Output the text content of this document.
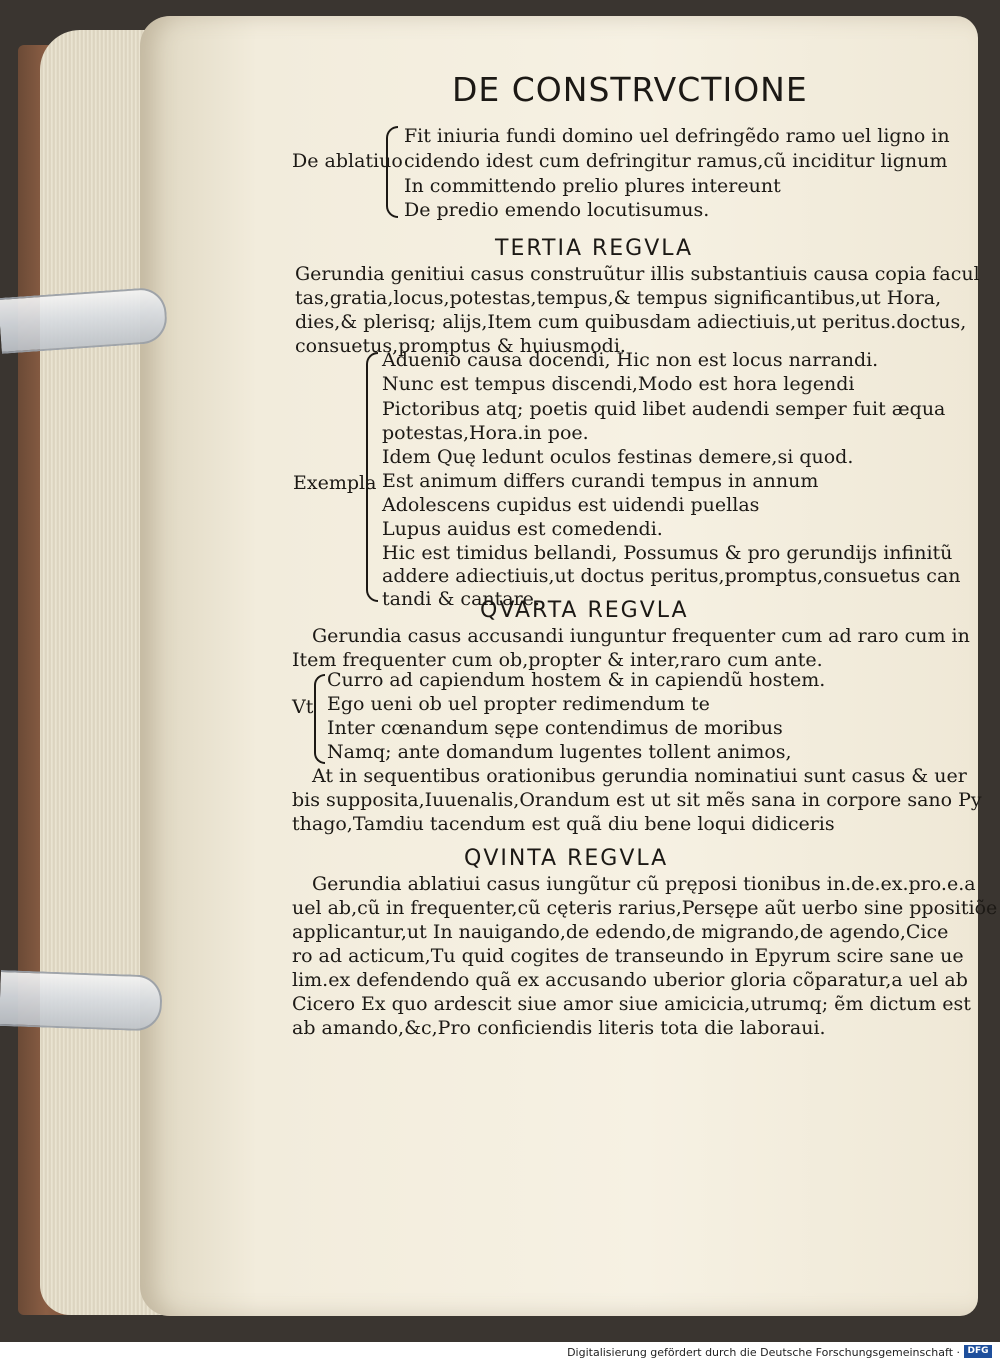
DE CONSTRVCTIONE
De ablatiuo
Fit iniuria fundi domino uel defringẽdo ramo uel ligno in
cidendo idest cum defringitur ramus,cũ inciditur lignum
In committendo prelio plures intereunt
De predio emendo locutisumus.
TERTIA REGVLA
Gerundia genitiui casus construũtur illis substantiuis causa copia facul
tas,gratia,locus,potestas,tempus,& tempus significantibus,ut Hora,
dies,& plerisq; alijs,Item cum quibusdam adiectiuis,ut peritus.doctus,
consuetus,promptus & huiusmodi.
Exempla
Aduenio causa docendi, Hic non est locus narrandi.
Nunc est tempus discendi,Modo est hora legendi
Pictoribus atq; poetis quid libet audendi semper fuit æqua
potestas,Hora.in poe.
Idem Quę ledunt oculos festinas demere,si quod.
Est animum differs curandi tempus in annum
Adolescens cupidus est uidendi puellas
Lupus auidus est comedendi.
Hic est timidus bellandi, Possumus & pro gerundijs infinitũ
addere adiectiuis,ut doctus peritus,promptus,consuetus can
tandi & cantare.
QVARTA REGVLA
Gerundia casus accusandi iunguntur frequenter cum ad raro cum in
Item frequenter cum ob,propter & inter,raro cum ante.
Vt
Curro ad capiendum hostem & in capiendũ hostem.
Ego ueni ob uel propter redimendum te
Inter cœnandum sępe contendimus de moribus
Namq; ante domandum lugentes tollent animos,
At in sequentibus orationibus gerundia nominatiui sunt casus & uer
bis supposita,Iuuenalis,Orandum est ut sit mẽs sana in corpore sano Py
thago,Tamdiu tacendum est quã diu bene loqui didiceris
QVINTA REGVLA
Gerundia ablatiui casus iungũtur cũ pręposi tionibus in.de.ex.pro.e.a
uel ab,cũ in frequenter,cũ cęteris rarius,Persępe aũt uerbo sine ppositiõe
applicantur,ut In nauigando,de edendo,de migrando,de agendo,Cice
ro ad acticum,Tu quid cogites de transeundo in Epyrum scire sane ue
lim.ex defendendo quã ex accusando uberior gloria cõparatur,a uel ab
Cicero Ex quo ardescit siue amor siue amicicia,utrumq; ẽm dictum est
ab amando,&c,Pro conficiendis literis tota die laboraui.
Digitalisierung gefördert durch die Deutsche Forschungsgemeinschaft · DFG
